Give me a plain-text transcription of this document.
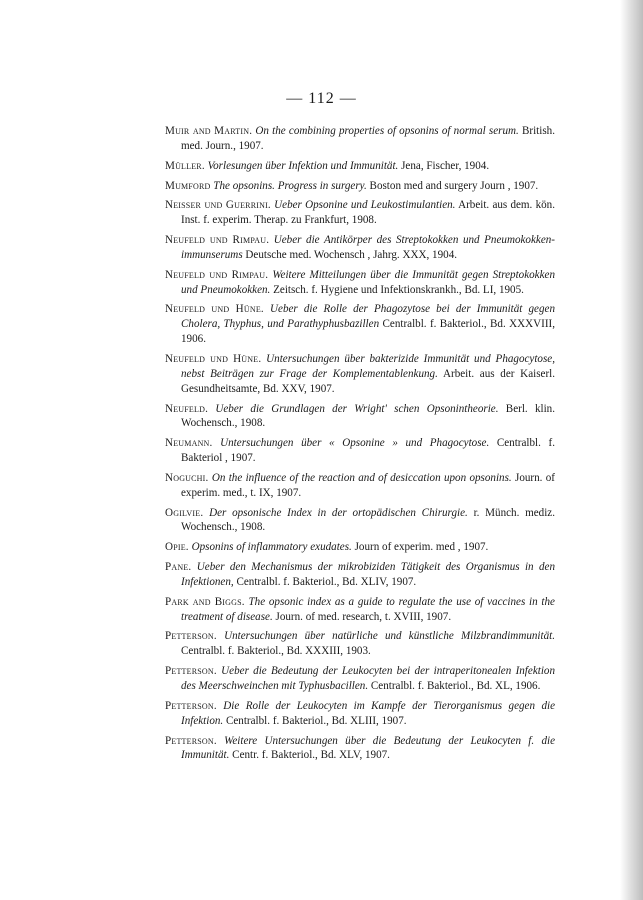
— 112 —

Muir and Martin. On the combining properties of opsonins of normal serum. British. med. Journ., 1907.

Müller. Vorlesungen über Infektion und Immunität. Jena, Fischer, 1904.

Mumford The opsonins. Progress in surgery. Boston med and surgery Journ , 1907.

Neisser und Guerrini. Ueber Opsonine und Leukostimulantien. Arbeit. aus dem. kön. Inst. f. experim. Therap. zu Frankfurt, 1908.

Neufeld und Rimpau. Ueber die Antikörper des Streptokokken und Pneumokokken-immunserums Deutsche med. Wochensch , Jahrg. XXX, 1904.

Neufeld und Rimpau. Weitere Mitteilungen über die Immunität gegen Streptokokken und Pneumokokken. Zeitsch. f. Hygiene und Infektionskrankh., Bd. LI, 1905.

Neufeld und Hüne. Ueber die Rolle der Phagozytose bei der Immunität gegen Cholera, Thyphus, und Parathyphusbazillen Centralbl. f. Bakteriol., Bd. XXXVIII, 1906.

Neufeld und Hüne. Untersuchungen über bakterizide Immunität und Phagocytose, nebst Beiträgen zur Frage der Komplementablenkung. Arbeit. aus der Kaiserl. Gesundheitsamte, Bd. XXV, 1907.

Neufeld. Ueber die Grundlagen der Wright' schen Opsonintheorie. Berl. klin. Wochensch., 1908.

Neumann. Untersuchungen über « Opsonine » und Phagocytose. Centralbl. f. Bakteriol , 1907.

Noguchi. On the influence of the reaction and of desiccation upon opsonins. Journ. of experim. med., t. IX, 1907.

Ogilvie. Der opsonische Index in der ortopädischen Chirurgie. r. Münch. mediz. Wochensch., 1908.

Opie. Opsonins of inflammatory exudates. Journ of experim. med , 1907.

Pane. Ueber den Mechanismus der mikrobiziden Tätigkeit des Organismus in den Infektionen, Centralbl. f. Bakteriol., Bd. XLIV, 1907.

Park and Biggs. The opsonic index as a guide to regulate the use of vaccines in the treatment of disease. Journ. of med. research, t. XVIII, 1907.

Petterson. Untersuchungen über natürliche und künstliche Milzbrandimmunität. Centralbl. f. Bakteriol., Bd. XXXIII, 1903.

Petterson. Ueber die Bedeutung der Leukocyten bei der intraperitonealen Infektion des Meerschweinchen mit Typhusbacillen. Centralbl. f. Bakteriol., Bd. XL, 1906.

Petterson. Die Rolle der Leukocyten im Kampfe der Tierorganismus gegen die Infektion. Centralbl. f. Bakteriol., Bd. XLIII, 1907.

Petterson. Weitere Untersuchungen über die Bedeutung der Leukocyten f. die Immunität. Centr. f. Bakteriol., Bd. XLV, 1907.
